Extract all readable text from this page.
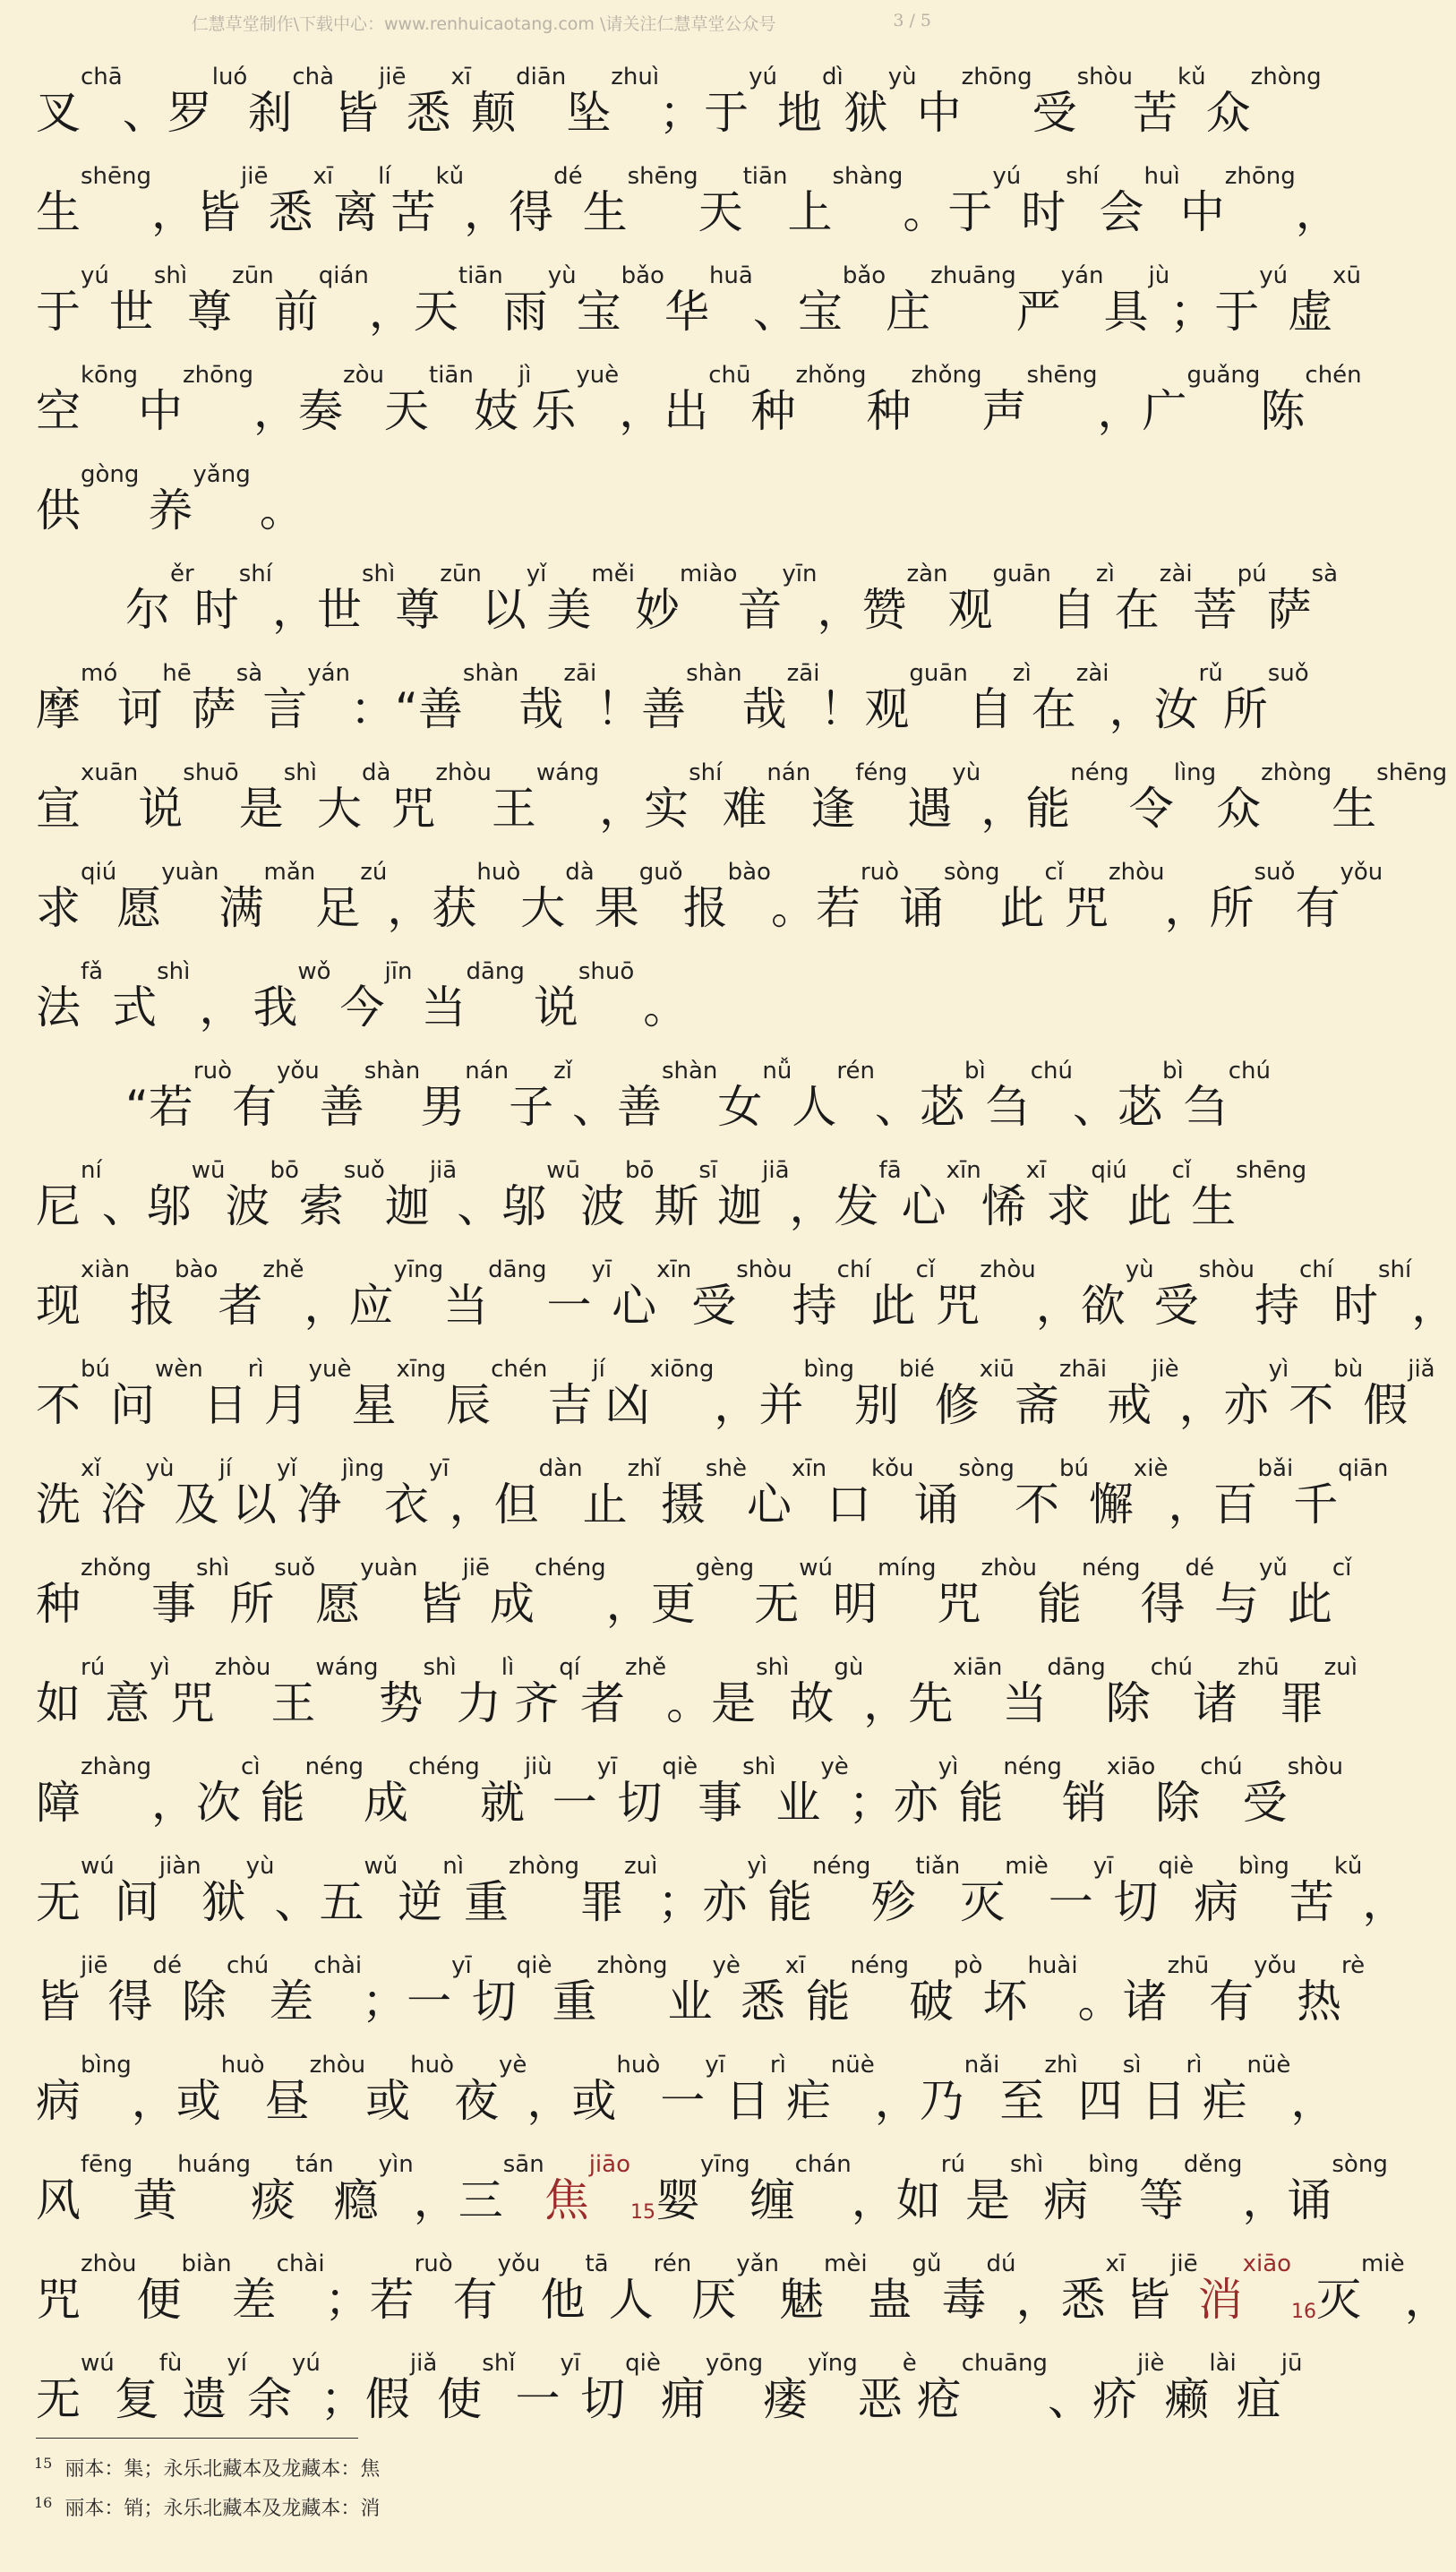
仁慧草堂制作\下载中心：www.renhuicaotang.com \请关注仁慧草堂公众号	3 / 5
叉chā
、 罗luó
刹chà
皆jiē
悉xī
颠diān
坠zhuì
； 于yú
地dì
狱yù
中zhōng
受shòu
苦kǔ
众zhòng
生shēng
， 皆jiē
悉xī
离lí
苦kǔ
， 得dé
生shēng
天tiān
上shàng
。 于yú
时shí
会huì
中zhōng
，
于yú
世shì
尊zūn
前qián
， 天tiān
雨yù
宝bǎo
华huā
、 宝bǎo
庄zhuāng
严yán
具jù
； 于yú
虚xū
空kōng
中zhōng
， 奏zòu
天tiān
妓jì
乐yuè
， 出chū
种zhǒng
种zhǒng
声shēng
， 广guǎng
陈chén
供gòng
养yǎng
。

尔ěr
时shí
， 世shì
尊zūn
以yǐ
美měi
妙miào
音yīn
， 赞zàn
观guān
自zì
在zài
菩pú
萨sà
摩mó
诃hē
萨sà
言yán
： “ 善shàn
哉zāi
！ 善shàn
哉zāi
！ 观guān
自zì
在zài
， 汝rǔ
所suǒ
宣xuān
说shuō
是shì
大dà
咒zhòu
王wáng
， 实shí
难nán
逢féng
遇yù
， 能néng
令lìng
众zhòng
生shēng
求qiú
愿yuàn
满mǎn
足zú
， 获huò
大dà
果guǒ
报bào
。 若ruò
诵sòng
此cǐ
咒zhòu
， 所suǒ
有yǒu
法fǎ
式shì
， 我wǒ
今jīn
当dāng
说shuō
。

“ 若ruò
有yǒu
善shàn
男nán
子zǐ
、 善shàn
女nǚ
人rén
、 苾bì
刍chú
、 苾bì
刍chú
尼ní
、 邬wū
波bō
索suǒ
迦jiā
、 邬wū
波bō
斯sī
迦jiā
， 发fā
心xīn
悕xī
求qiú
此cǐ
生shēng
现xiàn
报bào
者zhě
， 应yīng
当dāng
一yī
心xīn
受shòu
持chí
此cǐ
咒zhòu
， 欲yù
受shòu
持chí
时shí
，
不bú
问wèn
日rì
月yuè
星xīng
辰chén
吉jí
凶xiōng
， 并bìng
别bié
修xiū
斋zhāi
戒jiè
， 亦yì
不bù
假jiǎ
洗xǐ
浴yù
及jí
以yǐ
净jìng
衣yī
， 但dàn
止zhǐ
摄shè
心xīn
口kǒu
诵sòng
不bú
懈xiè
， 百bǎi
千qiān
种zhǒng
事shì
所suǒ
愿yuàn
皆jiē
成chéng
， 更gèng
无wú
明míng
咒zhòu
能néng
得dé
与yǔ
此cǐ
如rú
意yì
咒zhòu
王wáng
势shì
力lì
齐qí
者zhě
。 是shì
故gù
， 先xiān
当dāng
除chú
诸zhū
罪zuì
障zhàng
， 次cì
能néng
成chéng
就jiù
一yī
切qiè
事shì
业yè
； 亦yì
能néng
销xiāo
除chú
受shòu
无wú
间jiàn
狱yù
、 五wǔ
逆nì
重zhòng
罪zuì
； 亦yì
能néng
殄tiǎn
灭miè
一yī
切qiè
病bìng
苦kǔ
，
皆jiē
得dé
除chú
差chài
； 一yī
切qiè
重zhòng
业yè
悉xī
能néng
破pò
坏huài
。 诸zhū
有yǒu
热rè
病bìng
， 或huò
昼zhòu
或huò
夜yè
， 或huò
一yī
日rì
疟nüè
， 乃nǎi
至zhì
四sì
日rì
疟nüè
，
风fēng
黄huáng
痰tán
瘾yìn
， 三sān
焦jiāo
15 婴yīng
缠chán
， 如rú
是shì
病bìng
等děng
， 诵sòng
咒zhòu
便biàn
差chài
； 若ruò
有yǒu
他tā
人rén
厌yǎn
魅mèi
蛊gǔ
毒dú
， 悉xī
皆jiē
消xiāo
16 灭miè
，
无wú
复fù
遗yí
余yú
； 假jiǎ
使shǐ
一yī
切qiè
痈yōng
瘘yǐng
恶è
疮chuāng
、 疥jiè
癞lài
疽jū
$^{15}$ 丽本：集；永乐北藏本及龙藏本：焦
$^{16}$ 丽本：销；永乐北藏本及龙藏本：消
